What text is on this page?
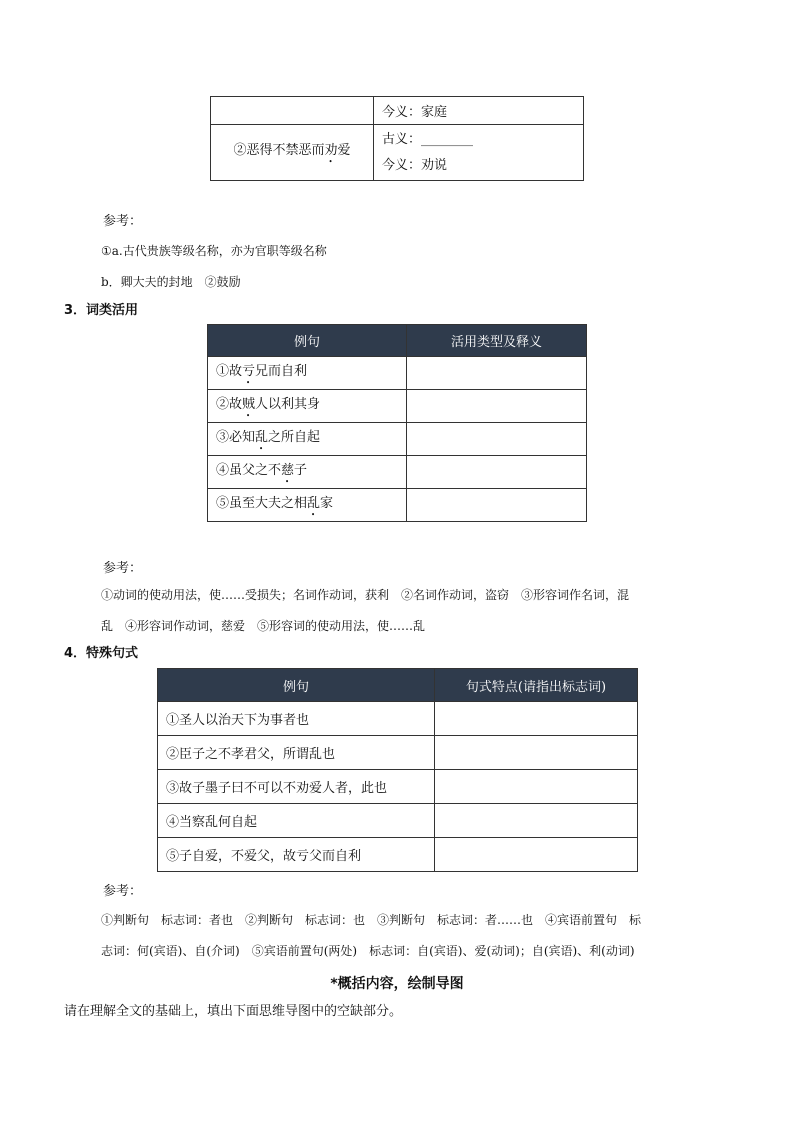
	今义：家庭
②恶得不禁恶而劝爱	古义：________
今义：劝说
参考：
①a.古代贵族等级名称，亦为官职等级名称
b．卿大夫的封地　②鼓励
3．词类活用
例句	活用类型及释义
①故亏兄而自利	
②故贼人以利其身	
③必知乱之所自起	
④虽父之不慈子	
⑤虽至大夫之相乱家	
参考：
①动词的使动用法，使……受损失；名词作动词，获利　②名词作动词，盗窃　③形容词作名词，混
乱　④形容词作动词，慈爱　⑤形容词的使动用法，使……乱
4．特殊句式
例句	句式特点(请指出标志词)
①圣人以治天下为事者也	
②臣子之不孝君父，所谓乱也	
③故子墨子曰不可以不劝爱人者，此也	
④当察乱何自起	
⑤子自爱，不爱父，故亏父而自利	
参考：
①判断句　标志词：者也　②判断句　标志词：也　③判断句　标志词：者……也　④宾语前置句　标
志词：何(宾语)、自(介词)　⑤宾语前置句(两处)　标志词：自(宾语)、爱(动词)；自(宾语)、利(动词)
*概括内容，绘制导图
请在理解全文的基础上，填出下面思维导图中的空缺部分。
